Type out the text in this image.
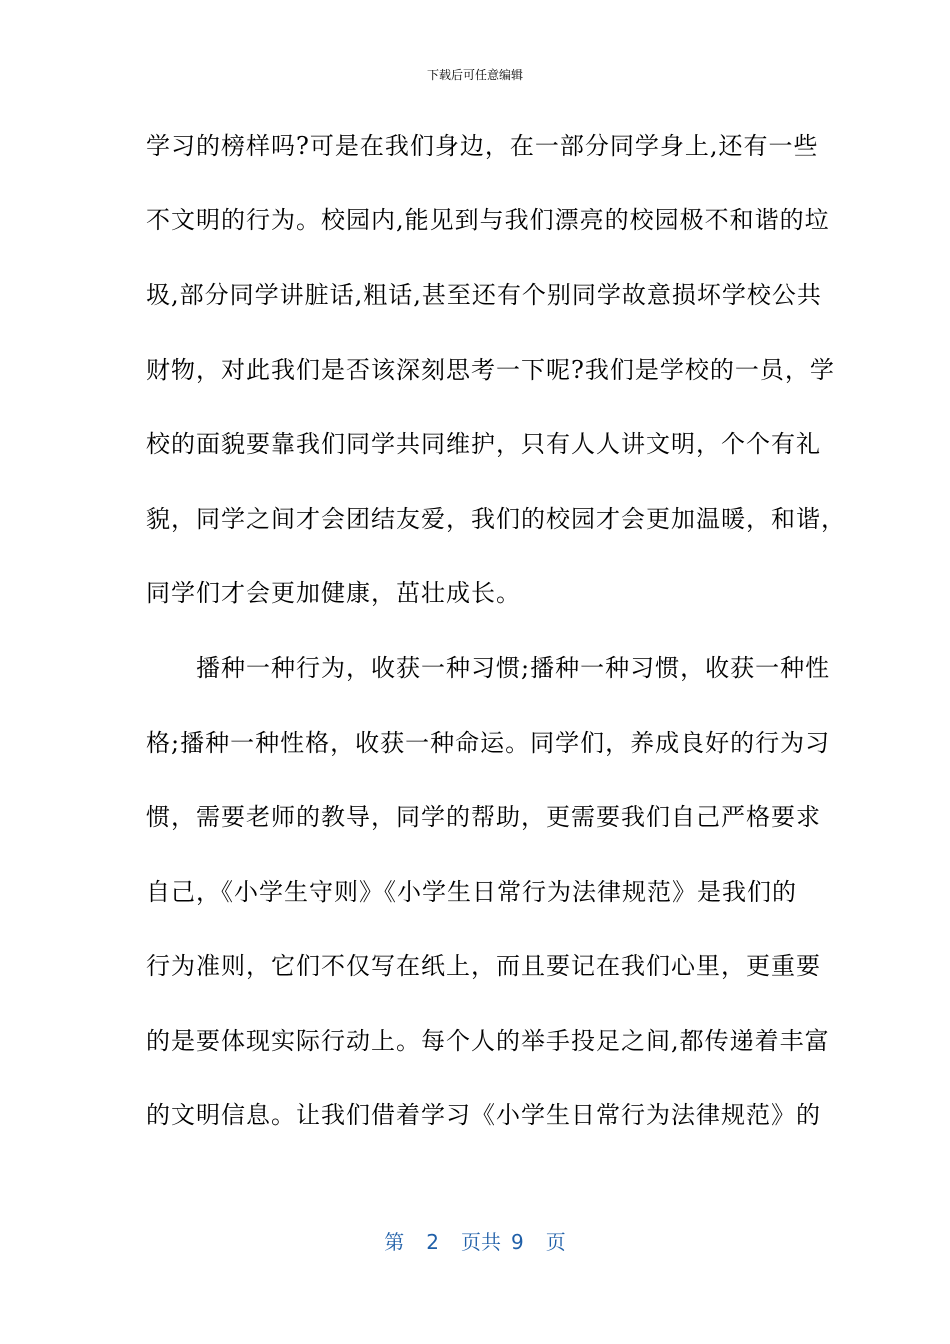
下载后可任意编辑
学习的榜样吗?可是在我们身边，在一部分同学身上,还有一些
不文明的行为。校园内,能见到与我们漂亮的校园极不和谐的垃
圾,部分同学讲脏话,粗话,甚至还有个别同学故意损坏学校公共
财物，对此我们是否该深刻思考一下呢?我们是学校的一员，学
校的面貌要靠我们同学共同维护，只有人人讲文明，个个有礼
貌，同学之间才会团结友爱，我们的校园才会更加温暖，和谐，
同学们才会更加健康，茁壮成长。
　　播种一种行为，收获一种习惯;播种一种习惯，收获一种性
格;播种一种性格，收获一种命运。同学们，养成良好的行为习
惯，需要老师的教导，同学的帮助，更需要我们自己严格要求
自己，《小学生守则》《小学生日常行为法律规范》是我们的
行为准则，它们不仅写在纸上，而且要记在我们心里，更重要
的是要体现实际行动上。每个人的举手投足之间,都传递着丰富
的文明信息。让我们借着学习《小学生日常行为法律规范》的
第 2 页共 9 页
